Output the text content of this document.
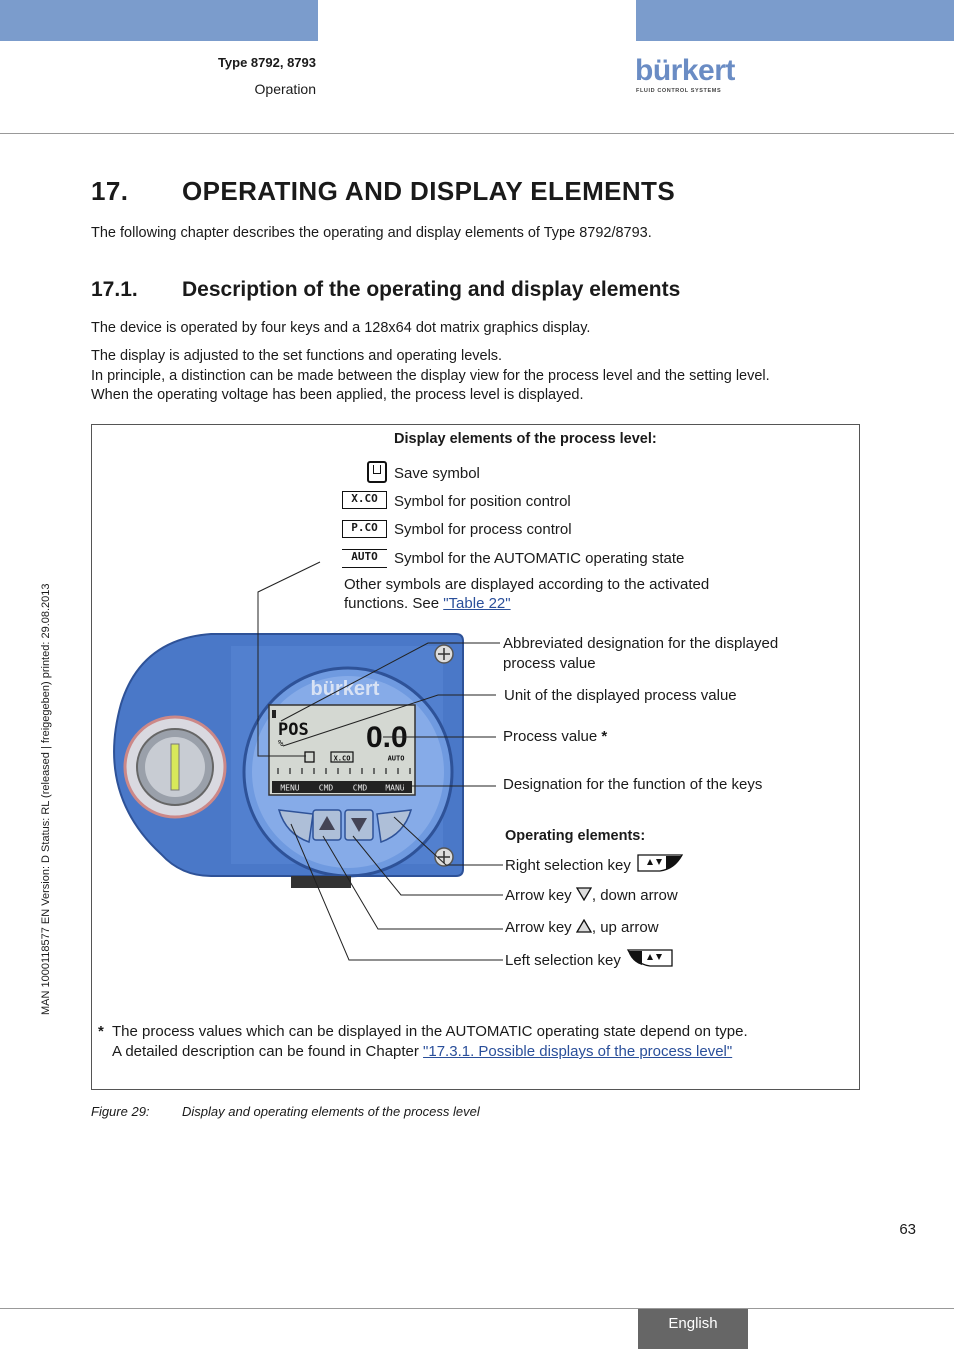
Type 8792, 8793
Operation
bürkert
FLUID CONTROL SYSTEMS
17. OPERATING AND DISPLAY ELEMENTS
The following chapter describes the operating and display elements of Type 8792/8793.
17.1. Description of the operating and display elements
The device is operated by four keys and a 128x64 dot matrix graphics display.
The display is adjusted to the set functions and operating levels.
In principle, a distinction can be made between the display view for the process level and the setting level.
When the operating voltage has been applied, the process level is displayed.
bürkert
POS
%	0.0
X.CO	AUTO
MENU CMD CMD MANU
Display elements of the process level:
Save symbol
X.CO	Symbol for position control
P.CO	Symbol for process control
AUTO	Symbol for the AUTOMATIC operating state
Other symbols are displayed according to the activated
functions. See "Table 22"
Abbreviated designation for the displayed
process value
Unit of the displayed process value
Process value *
Designation for the function of the keys
Operating elements:
Right selection key
Arrow key , down arrow
Arrow key , up arrow
Left selection key
* The process values which can be displayed in the AUTOMATIC operating state depend on type.
A detailed description can be found in Chapter "17.3.1. Possible displays of the process level"
Figure 29: Display and operating elements of the process level
63
MAN 1000118577 EN Version: D Status: RL (released | freigegeben) printed: 29.08.2013
English
